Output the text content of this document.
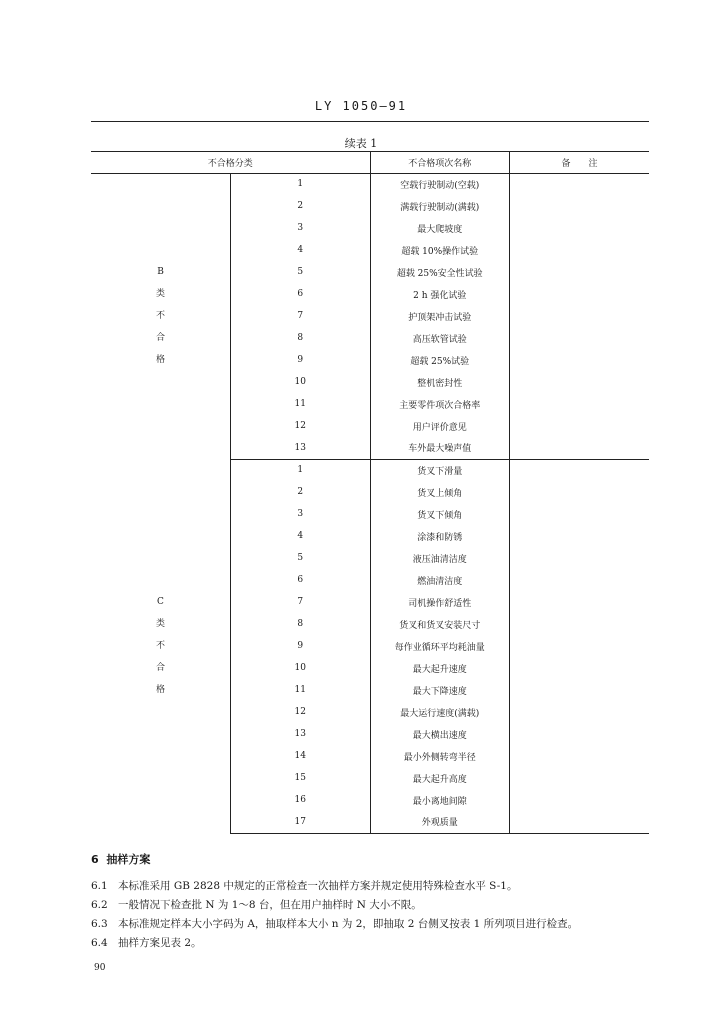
LY 1050—91
续表 1
不合格分类		不合格项次名称	备　　注
B类不合格	1	空载行驶制动(空载)	
	2	满载行驶制动(满载)	
	3	最大爬坡度	
	4	超载 10%操作试验	
	5	超载 25%安全性试验	
	6	2 h 强化试验	
	7	护顶架冲击试验	
	8	高压软管试验	
	9	超载 25%试验	
	10	整机密封性	
	11	主要零件项次合格率	
	12	用户评价意见	
	13	车外最大噪声值	
C类不合格	1	货叉下滑量	
	2	货叉上倾角	
	3	货叉下倾角	
	4	涂漆和防锈	
	5	液压油清洁度	
	6	燃油清洁度	
	7	司机操作舒适性	
	8	货叉和货叉安装尺寸	
	9	每作业循环平均耗油量	
	10	最大起升速度	
	11	最大下降速度	
	12	最大运行速度(满载)	
	13	最大横出速度	
	14	最小外侧转弯半径	
	15	最大起升高度	
	16	最小离地间隙	
	17	外观质量	
6 抽样方案
6.1 本标准采用 GB 2828 中规定的正常检查一次抽样方案并规定使用特殊检查水平 S-1。
6.2 一般情况下检查批 N 为 1～8 台，但在用户抽样时 N 大小不限。
6.3 本标准规定样本大小字码为 A，抽取样本大小 n 为 2，即抽取 2 台侧叉按表 1 所列项目进行检查。
6.4 抽样方案见表 2。
90
